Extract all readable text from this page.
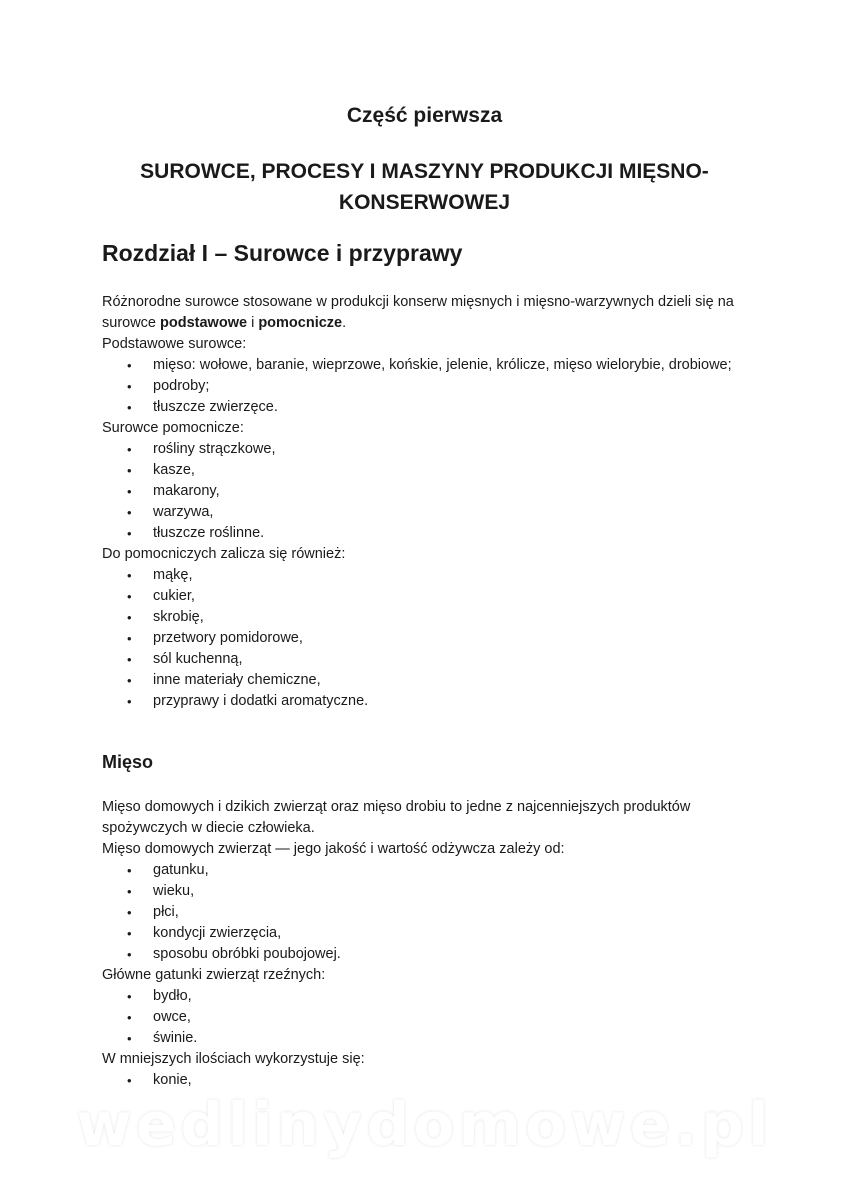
Część pierwsza
SUROWCE, PROCESY I MASZYNY PRODUKCJI MIĘSNO-KONSERWOWEJ
Rozdział I – Surowce i przyprawy

Różnorodne surowce stosowane w produkcji konserw mięsnych i mięsno-warzywnych dzieli się na surowce podstawowe i pomocnicze.

Podstawowe surowce:

• mięso: wołowe, baranie, wieprzowe, końskie, jelenie, królicze, mięso wielorybie, drobiowe;
• podroby;
• tłuszcze zwierzęce.

Surowce pomocnicze:

• rośliny strączkowe,
• kasze,
• makarony,
• warzywa,
• tłuszcze roślinne.

Do pomocniczych zalicza się również:

• mąkę,
• cukier,
• skrobię,
• przetwory pomidorowe,
• sól kuchenną,
• inne materiały chemiczne,
• przyprawy i dodatki aromatyczne.
Mięso

Mięso domowych i dzikich zwierząt oraz mięso drobiu to jedne z najcenniejszych produktów spożywczych w diecie człowieka.

Mięso domowych zwierząt — jego jakość i wartość odżywcza zależy od:

• gatunku,
• wieku,
• płci,
• kondycji zwierzęcia,
• sposobu obróbki poubojowej.

Główne gatunki zwierząt rzeźnych:

• bydło,
• owce,
• świnie.

W mniejszych ilościach wykorzystuje się:

• konie,
wedlinydomowe.pl
